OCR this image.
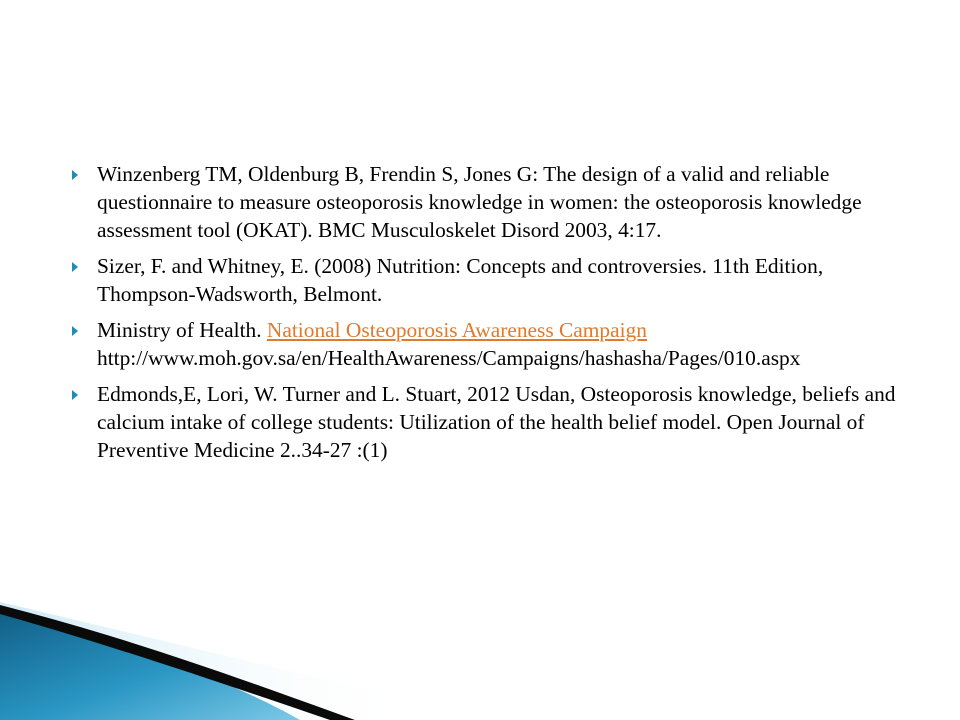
Winzenberg TM, Oldenburg B, Frendin S, Jones G: The design of a valid and reliable questionnaire to measure osteoporosis knowledge in women: the osteoporosis knowledge assessment tool (OKAT). BMC Musculoskelet Disord 2003, 4:17.
Sizer, F. and Whitney, E. (2008) Nutrition: Concepts and controversies. 11th Edition, Thompson-Wadsworth, Belmont.
Ministry of Health. National Osteoporosis Awareness Campaign
http://www.moh.gov.sa/en/HealthAwareness/Campaigns/hashasha/Pages/010.aspx
Edmonds,E, Lori, W. Turner and L. Stuart, 2012 Usdan, Osteoporosis knowledge, beliefs and calcium intake of college students: Utilization of the health belief model. Open Journal of Preventive Medicine 2..34-27 :(1)
